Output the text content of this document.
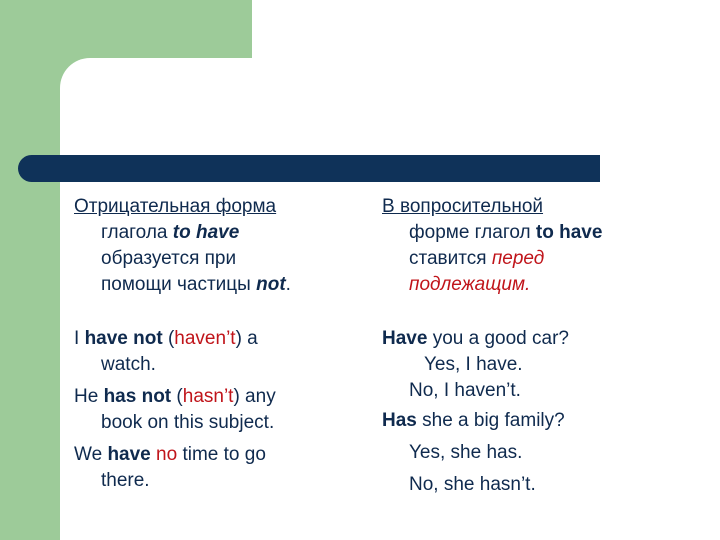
Отрицательная форма

глагола to have

образуется при

помощи частицы not.

I have not (haven’t) a

watch.

He has not (hasn’t) any

book on this subject.

We have no time to go

there.

В вопросительной

форме глагол to have

ставится перед

подлежащим.

Have you a good car?

Yes, I have.

No, I haven’t.

Has she a big family?

Yes, she has.

No, she hasn’t.
